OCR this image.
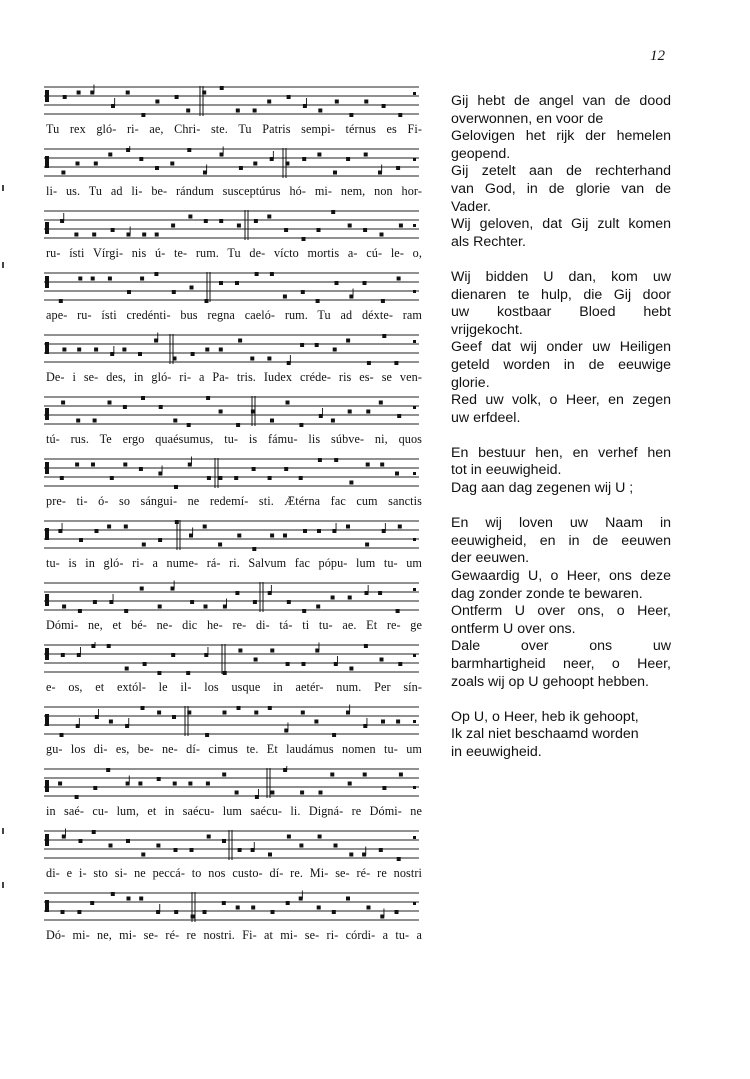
12
Tu rex gló- ri- ae, Chri- ste. Tu Patris sempi- térnus es Fi-
li- us. Tu ad li- be- rándum susceptúrus hó- mi- nem, non hor-
ru- ísti Vírgi- nis ú- te- rum. Tu de- vícto mortis a- cú- le- o,
ape- ru- ísti credénti- bus regna caeló- rum. Tu ad déxte- ram
De- i se- des, in gló- ri- a Pa- tris. Iudex créde- ris es- se ven-
tú- rus. Te ergo quaésumus, tu- is fámu- lis súbve- ni, quos
pre- ti- ó- so sángui- ne redemí- sti. Ætérna fac cum sanctis
tu- is in gló- ri- a nume- rá- ri. Salvum fac pópu- lum tu- um
Dómi- ne, et bé- ne- dic he- re- di- tá- ti tu- ae. Et re- ge
e- os, et extól- le il- los usque in aetér- num. Per sín-
gu- los di- es, be- ne- dí- cimus te. Et laudámus nomen tu- um
in saé- cu- lum, et in saécu- lum saécu- li. Digná- re Dómi- ne
di- e i- sto si- ne peccá- to nos custo- dí- re. Mi- se- ré- re nostri
Dó- mi- ne, mi- se- ré- re nostri. Fi- at mi- se- ri- córdi- a tu- a
Gij hebt de angel van de dood
overwonnen, en voor de
Gelovigen het rijk der hemelen
geopend.
Gij zetelt aan de rechterhand
van God, in de glorie van de
Vader.
Wij geloven, dat Gij zult komen
als Rechter.
Wij bidden U dan, kom uw
dienaren te hulp, die Gij door
uw kostbaar Bloed hebt
vrijgekocht.
Geef dat wij onder uw Heiligen
geteld worden in de eeuwige
glorie.
Red uw volk, o Heer, en zegen
uw erfdeel.
En bestuur hen, en verhef hen
tot in eeuwigheid.
Dag aan dag zegenen wij U ;
En wij loven uw Naam in
eeuwigheid, en in de eeuwen
der eeuwen.
Gewaardig U, o Heer, ons deze
dag zonder zonde te bewaren.
Ontferm U over ons, o Heer,
ontferm U over ons.
Dale over ons uw
barmhartigheid neer, o Heer,
zoals wij op U gehoopt hebben.
Op U, o Heer, heb ik gehoopt,
Ik zal niet beschaamd worden
in eeuwigheid.
